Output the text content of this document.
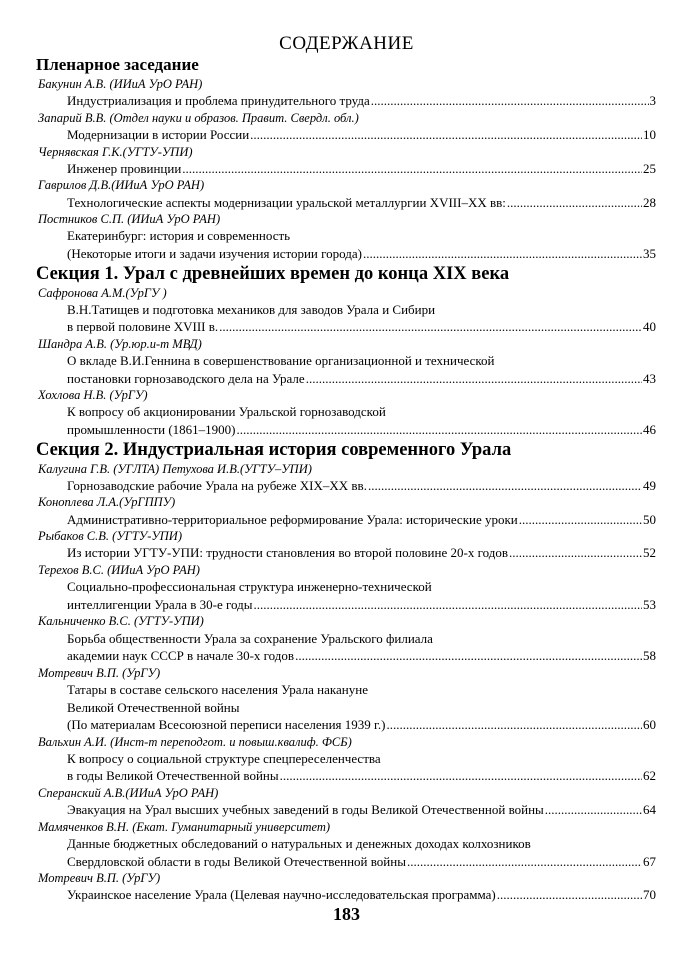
СОДЕРЖАНИЕ
Пленарное заседание
Бакунин А.В. (ИИиА УрО РАН)
Индустриализация и проблема принудительного труда .....	3
Запарий В.В. (Отдел науки и образов. Правит. Свердл. обл.)
Модернизации в истории России .....	10
Чернявская Г.К.(УГТУ-УПИ)
Инженер провинции .....	25
Гаврилов Д.В.(ИИиА УрО РАН)
Технологические аспекты модернизации уральской металлургии XVIII–XX вв: .....	28
Постников С.П. (ИИиА УрО РАН)
Екатеринбург: история и современность
(Некоторые итоги и задачи изучения истории города) .....	35
Секция 1. Урал с древнейших времен до конца XIX века
Сафронова А.М.(УрГУ )
В.Н.Татищев и подготовка механиков для заводов Урала и Сибири
в первой половине XVIII в. .....	40
Шандра А.В. (Ур.юр.и-т МВД)
О вкладе В.И.Геннина в совершенствование организационной и технической
постановки горнозаводского дела на Урале .....	43
Хохлова Н.В. (УрГУ)
К вопросу об акционировании Уральской горнозаводской
промышленности (1861–1900) .....	46
Секция 2. Индустриальная история современного Урала
Калугина Г.В. (УГЛТА) Петухова И.В.(УГТУ–УПИ)
Горнозаводские рабочие Урала на рубеже XIX–XX вв. .....	49
Коноплева Л.А.(УрГППУ)
Административно-территориальное реформирование Урала: исторические уроки .....	50
Рыбаков С.В. (УГТУ-УПИ)
Из истории УГТУ-УПИ: трудности становления во второй половине 20-х годов .....	52
Терехов В.С. (ИИиА УрО РАН)
Социально-профессиональная структура инженерно-технической
интеллигенции Урала в 30-е годы .....	53
Кальниченко В.С. (УГТУ-УПИ)
Борьба общественности Урала за сохранение Уральского филиала
академии наук СССР в начале 30-х годов .....	58
Мотревич В.П. (УрГУ)
Татары в составе сельского населения Урала накануне
Великой Отечественной войны
(По материалам Всесоюзной переписи населения 1939 г.) .....	60
Вальхин А.И. (Инст-т переподгот. и повыш.квалиф. ФСБ)
К вопросу о социальной структуре спецпереселенчества
в годы Великой Отечественной войны .....	62
Сперанский А.В.(ИИиА УрО РАН)
Эвакуация на Урал высших учебных заведений в годы Великой Отечественной войны .....	64
Мамяченков В.Н. (Екат. Гуманитарный университет)
Данные бюджетных обследований о натуральных и денежных доходах колхозников
Свердловской области в годы Великой Отечественной войны .....	67
Мотревич В.П. (УрГУ)
Украинское население Урала (Целевая научно-исследовательская программа) .....	70
183
